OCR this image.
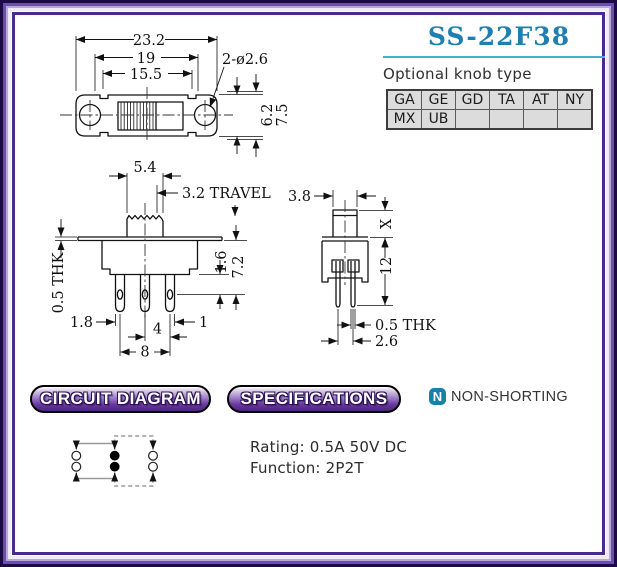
SS-22F38
Optional knob type
GA	GE	GD	TA	AT	NY
MX	UB				
23.2
19
15.5
2-ø2.6
6.2 7.5
5.4
3.2 TRAVEL
0.5 THK	1.6 7.2
1.8	1
4
8
3.8
X
12
0.5 THK
2.6
CIRCUIT DIAGRAM SPECIFICATIONS	N NON-SHORTING
Rating: 0.5A 50V DC
Function: 2P2T
